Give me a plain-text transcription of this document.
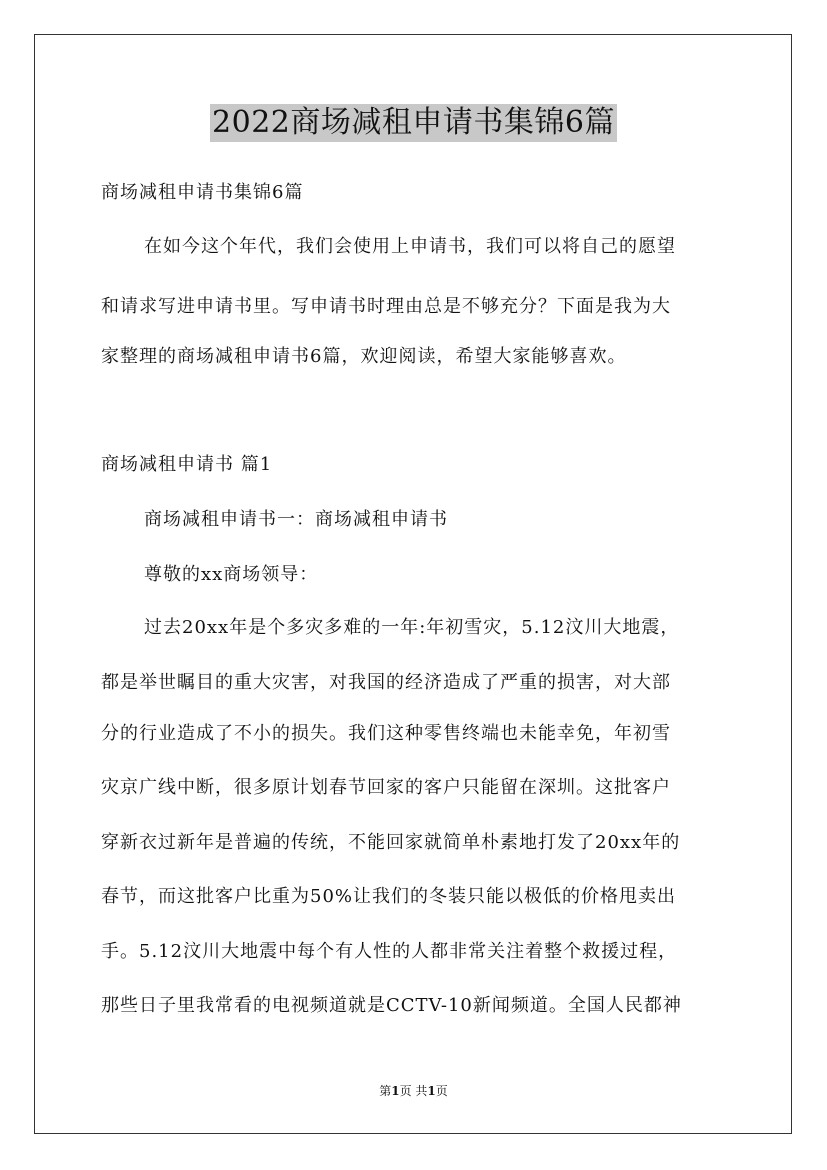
2022商场减租申请书集锦6篇
商场减租申请书集锦6篇
在如今这个年代，我们会使用上申请书，我们可以将自己的愿望
和请求写进申请书里。写申请书时理由总是不够充分？下面是我为大
家整理的商场减租申请书6篇，欢迎阅读，希望大家能够喜欢。
商场减租申请书 篇1
商场减租申请书一：商场减租申请书
尊敬的xx商场领导：
过去20xx年是个多灾多难的一年:年初雪灾，5.12汶川大地震，
都是举世瞩目的重大灾害，对我国的经济造成了严重的损害，对大部
分的行业造成了不小的损失。我们这种零售终端也未能幸免，年初雪
灾京广线中断，很多原计划春节回家的客户只能留在深圳。这批客户
穿新衣过新年是普遍的传统，不能回家就简单朴素地打发了20xx年的
春节，而这批客户比重为50%让我们的冬装只能以极低的价格甩卖出
手。5.12汶川大地震中每个有人性的人都非常关注着整个救援过程，
那些日子里我常看的电视频道就是CCTV-10新闻频道。全国人民都神
第1页 共1页
